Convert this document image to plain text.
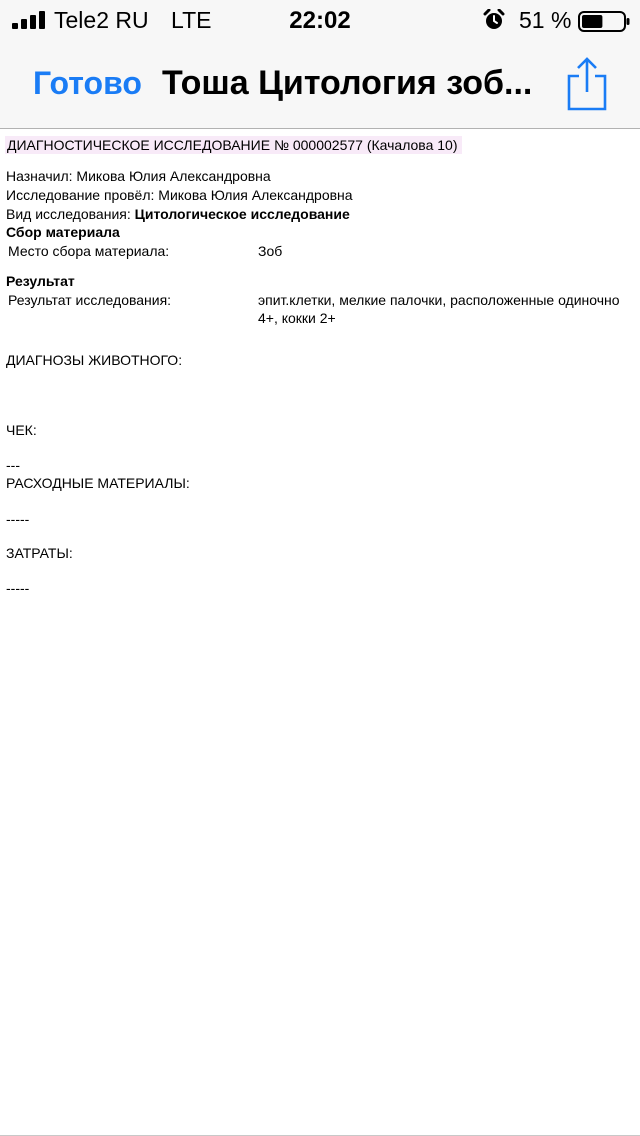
Tele2 RU LTE	22:02	51 %
Готово Тоша Цитология зоб...
ДИАГНОСТИЧЕСКОЕ ИССЛЕДОВАНИЕ № 000002577 (Качалова 10)
Назначил: Микова Юлия Александровна
Исследование провёл: Микова Юлия Александровна
Вид исследования: Цитологическое исследование
Сбор материала
Место сбора материала:	Зоб
Результат
Результат исследования:	эпит.клетки, мелкие палочки, расположенные одиночно
4+, кокки 2+
ДИАГНОЗЫ ЖИВОТНОГО:
ЧЕК:
---
РАСХОДНЫЕ МАТЕРИАЛЫ:
-----
ЗАТРАТЫ:
-----
